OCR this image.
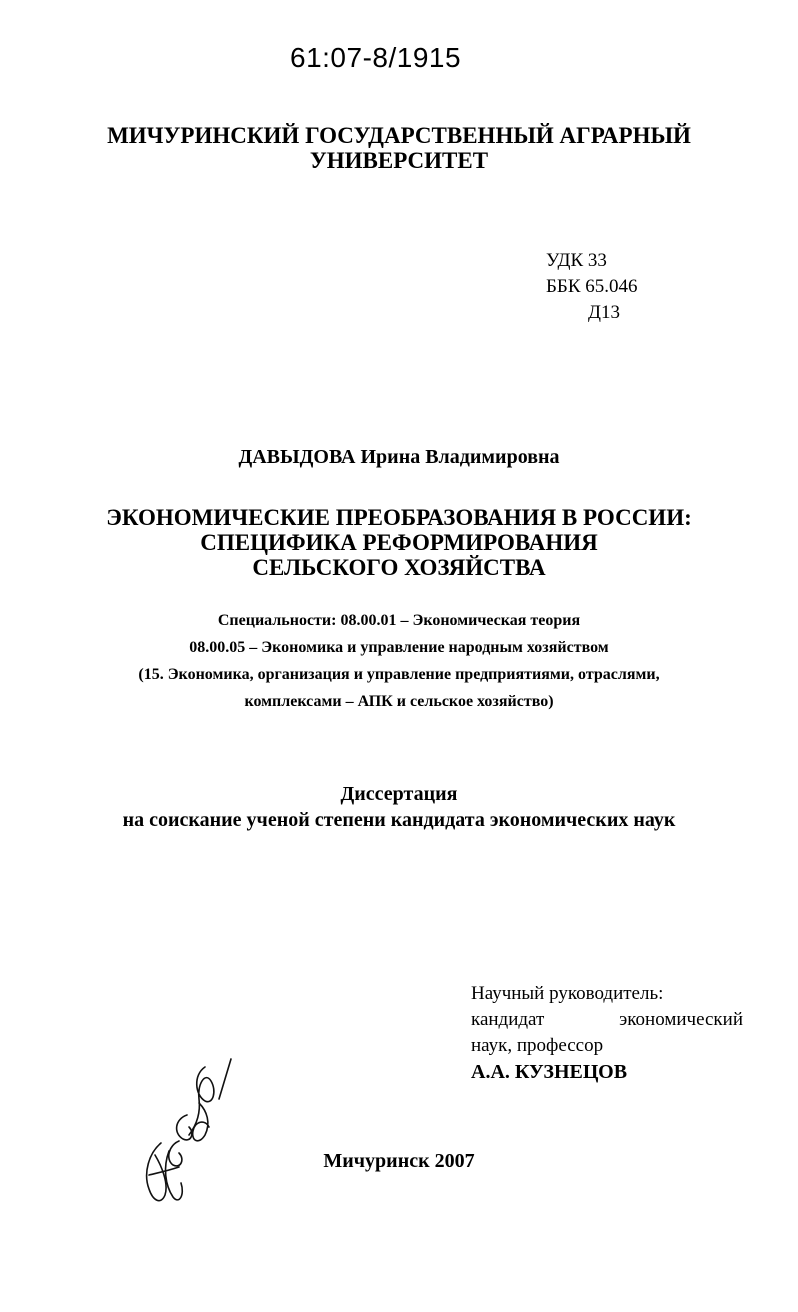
61:07-8/1915
МИЧУРИНСКИЙ ГОСУДАРСТВЕННЫЙ АГРАРНЫЙ
УНИВЕРСИТЕТ
УДК 33
ББК 65.046
Д13
ДАВЫДОВА Ирина Владимировна
ЭКОНОМИЧЕСКИЕ ПРЕОБРАЗОВАНИЯ В РОССИИ:
СПЕЦИФИКА РЕФОРМИРОВАНИЯ
СЕЛЬСКОГО ХОЗЯЙСТВА
Специальности: 08.00.01 – Экономическая теория
08.00.05 – Экономика и управление народным хозяйством
(15. Экономика, организация и управление предприятиями, отраслями,
комплексами – АПК и сельское хозяйство)
Диссертация
на соискание ученой степени кандидата экономических наук
Научный руководитель:
кандидат	экономический
наук, профессор
А.А. КУЗНЕЦОВ
Мичуринск 2007
